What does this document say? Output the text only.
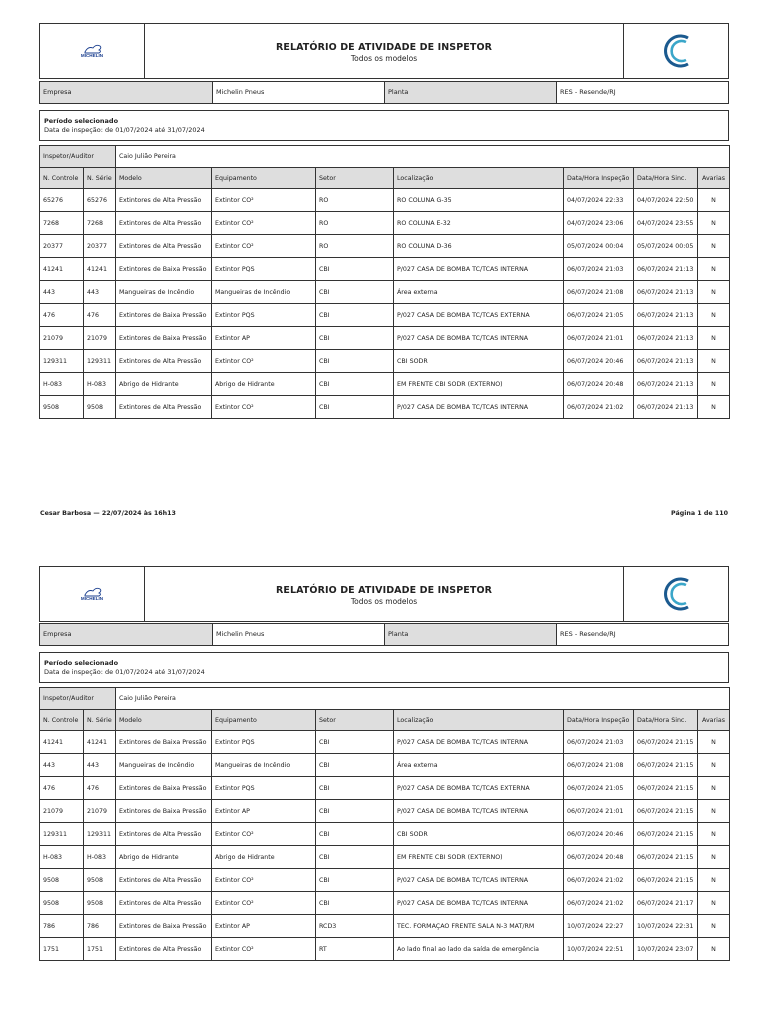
MICHELIN
RELATÓRIO DE ATIVIDADE DE INSPETOR
Todos os modelos
Empresa	Michelin Pneus	Planta	RES - Resende/RJ
Período selecionado
Data de inspeção: de 01/07/2024 até 31/07/2024
Inspetor/Auditor		Caio Julião Pereira						
N. Controle	N. Série	Modelo	Equipamento	Setor	Localização	Data/Hora Inspeção	Data/Hora Sinc.	Avarias
65276	65276	Extintores de Alta Pressão	Extintor CO²	RO	RO COLUNA G-35	04/07/2024 22:33	04/07/2024 22:50	N
7268	7268	Extintores de Alta Pressão	Extintor CO²	RO	RO COLUNA E-32	04/07/2024 23:06	04/07/2024 23:55	N
20377	20377	Extintores de Alta Pressão	Extintor CO²	RO	RO COLUNA D-36	05/07/2024 00:04	05/07/2024 00:05	N
41241	41241	Extintores de Baixa Pressão	Extintor PQS	CBI	P/027 CASA DE BOMBA TC/TCAS INTERNA	06/07/2024 21:03	06/07/2024 21:13	N
443	443	Mangueiras de Incêndio	Mangueiras de Incêndio	CBI	Área externa	06/07/2024 21:08	06/07/2024 21:13	N
476	476	Extintores de Baixa Pressão	Extintor PQS	CBI	P/027 CASA DE BOMBA TC/TCAS EXTERNA	06/07/2024 21:05	06/07/2024 21:13	N
21079	21079	Extintores de Baixa Pressão	Extintor AP	CBI	P/027 CASA DE BOMBA TC/TCAS INTERNA	06/07/2024 21:01	06/07/2024 21:13	N
129311	129311	Extintores de Alta Pressão	Extintor CO²	CBI	CBI SODR	06/07/2024 20:46	06/07/2024 21:13	N
H-083	H-083	Abrigo de Hidrante	Abrigo de Hidrante	CBI	EM FRENTE CBI SODR (EXTERNO)	06/07/2024 20:48	06/07/2024 21:13	N
9508	9508	Extintores de Alta Pressão	Extintor CO²	CBI	P/027 CASA DE BOMBA TC/TCAS INTERNA	06/07/2024 21:02	06/07/2024 21:13	N
Cesar Barbosa — 22/07/2024 às 16h13	Página 1 de 110
MICHELIN
RELATÓRIO DE ATIVIDADE DE INSPETOR
Todos os modelos
Empresa	Michelin Pneus	Planta	RES - Resende/RJ
Período selecionado
Data de inspeção: de 01/07/2024 até 31/07/2024
Inspetor/Auditor		Caio Julião Pereira						
N. Controle	N. Série	Modelo	Equipamento	Setor	Localização	Data/Hora Inspeção	Data/Hora Sinc.	Avarias
41241	41241	Extintores de Baixa Pressão	Extintor PQS	CBI	P/027 CASA DE BOMBA TC/TCAS INTERNA	06/07/2024 21:03	06/07/2024 21:15	N
443	443	Mangueiras de Incêndio	Mangueiras de Incêndio	CBI	Área externa	06/07/2024 21:08	06/07/2024 21:15	N
476	476	Extintores de Baixa Pressão	Extintor PQS	CBI	P/027 CASA DE BOMBA TC/TCAS EXTERNA	06/07/2024 21:05	06/07/2024 21:15	N
21079	21079	Extintores de Baixa Pressão	Extintor AP	CBI	P/027 CASA DE BOMBA TC/TCAS INTERNA	06/07/2024 21:01	06/07/2024 21:15	N
129311	129311	Extintores de Alta Pressão	Extintor CO²	CBI	CBI SODR	06/07/2024 20:46	06/07/2024 21:15	N
H-083	H-083	Abrigo de Hidrante	Abrigo de Hidrante	CBI	EM FRENTE CBI SODR (EXTERNO)	06/07/2024 20:48	06/07/2024 21:15	N
9508	9508	Extintores de Alta Pressão	Extintor CO²	CBI	P/027 CASA DE BOMBA TC/TCAS INTERNA	06/07/2024 21:02	06/07/2024 21:15	N
9508	9508	Extintores de Alta Pressão	Extintor CO²	CBI	P/027 CASA DE BOMBA TC/TCAS INTERNA	06/07/2024 21:02	06/07/2024 21:17	N
786	786	Extintores de Baixa Pressão	Extintor AP	RCD3	TEC. FORMAÇAO FRENTE SALA N-3 MAT/RM	10/07/2024 22:27	10/07/2024 22:31	N
1751	1751	Extintores de Alta Pressão	Extintor CO²	RT	Ao lado final ao lado da saída de emergência	10/07/2024 22:51	10/07/2024 23:07	N
